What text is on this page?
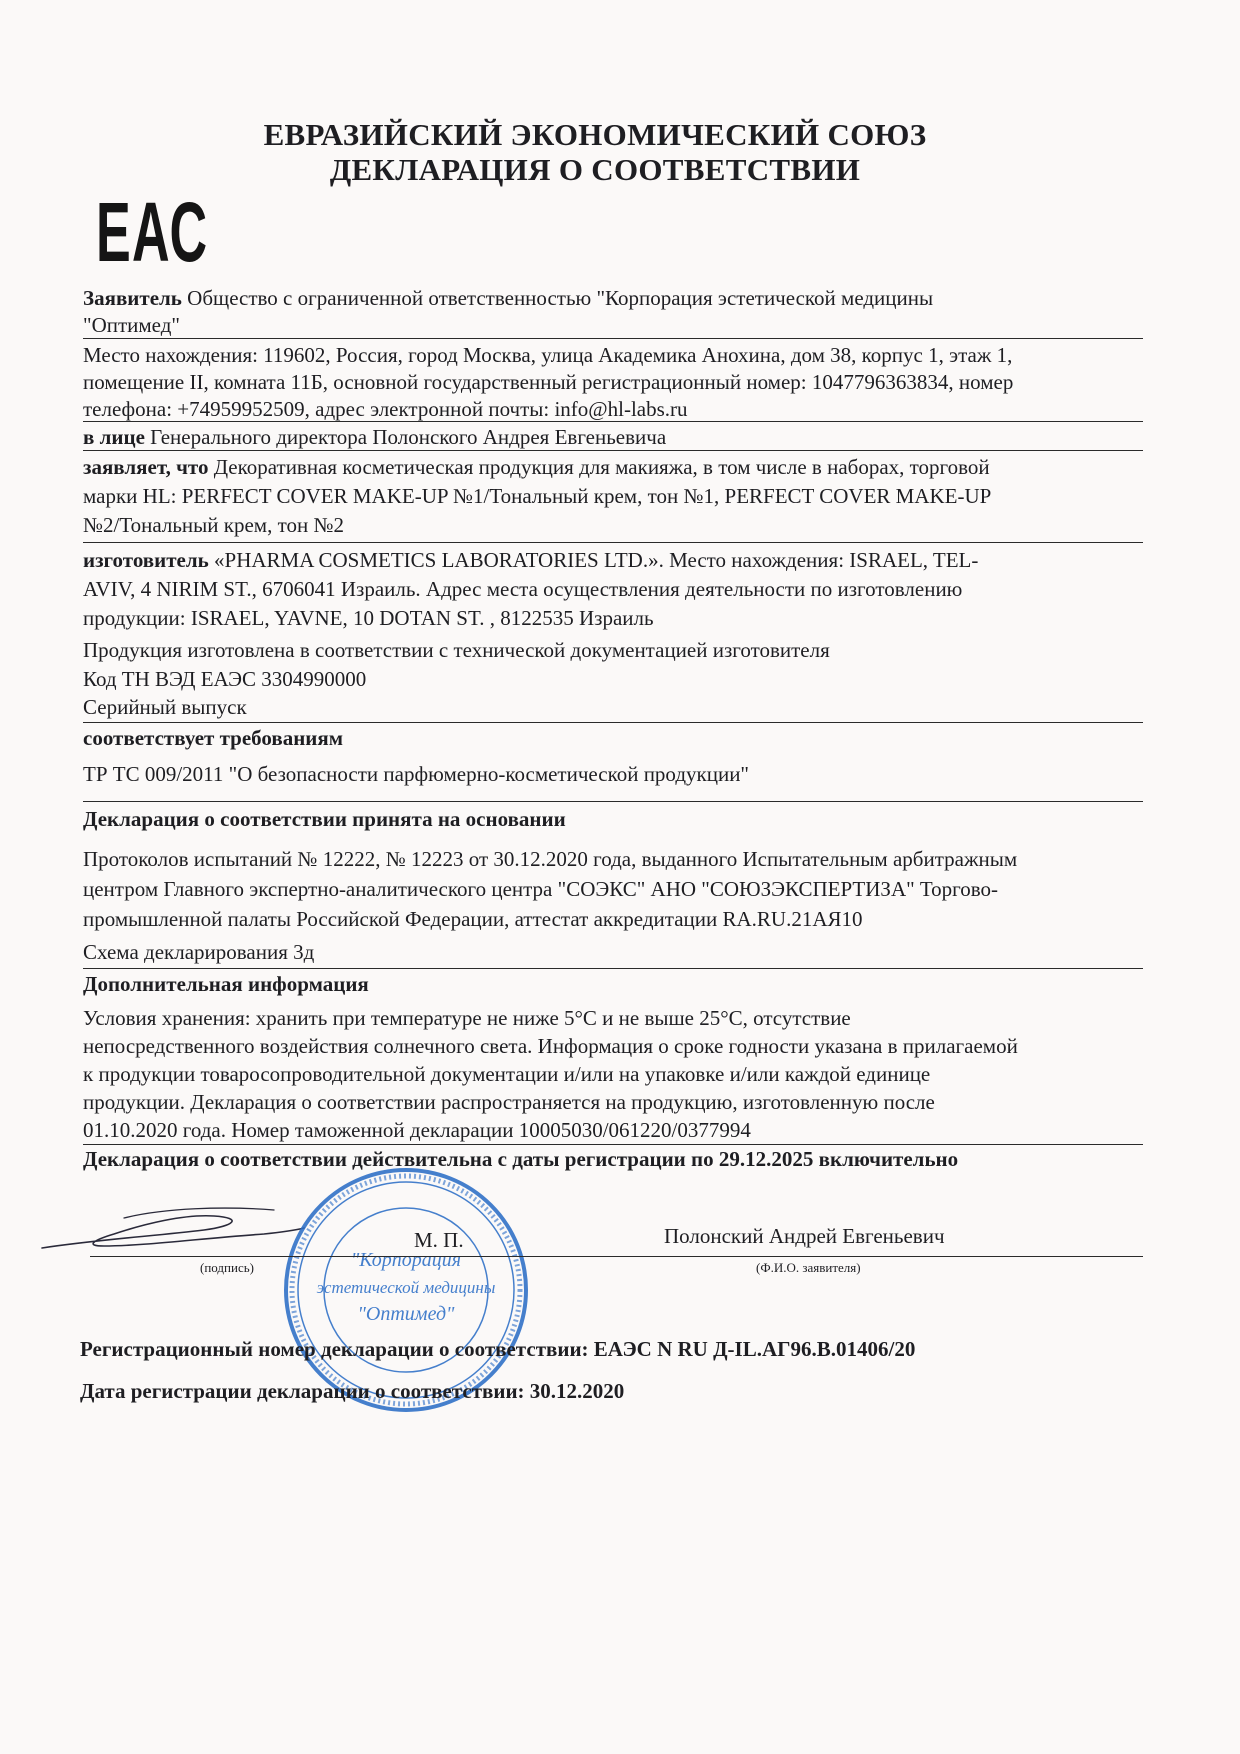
ЕВРАЗИЙСКИЙ ЭКОНОМИЧЕСКИЙ СОЮЗ
ДЕКЛАРАЦИЯ О СООТВЕТСТВИИ
ЕАС
Заявитель Общество с ограниченной ответственностью "Корпорация эстетической медицины
"Оптимед"
Место нахождения: 119602, Россия, город Москва, улица Академика Анохина, дом 38, корпус 1, этаж 1,
помещение II, комната 11Б, основной государственный регистрационный номер: 1047796363834, номер
телефона: +74959952509, адрес электронной почты: info@hl-labs.ru
в лице Генерального директора Полонского Андрея Евгеньевича
заявляет, что Декоративная косметическая продукция для макияжа, в том числе в наборах, торговой
марки HL: PERFECT COVER MAKE-UP №1/Тональный крем, тон №1, PERFECT COVER MAKE-UP
№2/Тональный крем, тон №2
изготовитель «PHARMA COSMETICS LABORATORIES LTD.». Место нахождения: ISRAEL, TEL-
AVIV, 4 NIRIM ST., 6706041 Израиль. Адрес места осуществления деятельности по изготовлению
продукции: ISRAEL, YAVNE, 10 DOTAN ST. , 8122535 Израиль
Продукция изготовлена в соответствии с технической документацией изготовителя
Код ТН ВЭД ЕАЭС 3304990000
Серийный выпуск
соответствует требованиям
ТР ТС 009/2011 "О безопасности парфюмерно-косметической продукции"
Декларация о соответствии принята на основании
Протоколов испытаний № 12222, № 12223 от 30.12.2020 года, выданного Испытательным арбитражным
центром Главного экспертно-аналитического центра "СОЭКС" АНО "СОЮЗЭКСПЕРТИЗА" Торгово-
промышленной палаты Российской Федерации, аттестат аккредитации RA.RU.21АЯ10
Схема декларирования 3д
Дополнительная информация
Условия хранения: хранить при температуре не ниже 5°С и не выше 25°С, отсутствие
непосредственного воздействия солнечного света. Информация о сроке годности указана в прилагаемой
к продукции товаросопроводительной документации и/или на упаковке и/или каждой единице
продукции. Декларация о соответствии распространяется на продукцию, изготовленную после
01.10.2020 года. Номер таможенной декларации 10005030/061220/0377994
Декларация о соответствии действительна с даты регистрации по 29.12.2025 включительно
"Корпорация
эстетической медицины
"Оптимед"
М. П.	Полонский Андрей Евгеньевич
(подпись)	(Ф.И.О. заявителя)
Регистрационный номер декларации о соответствии: ЕАЭС N RU Д-IL.АГ96.В.01406/20
Дата регистрации декларации о соответствии: 30.12.2020
